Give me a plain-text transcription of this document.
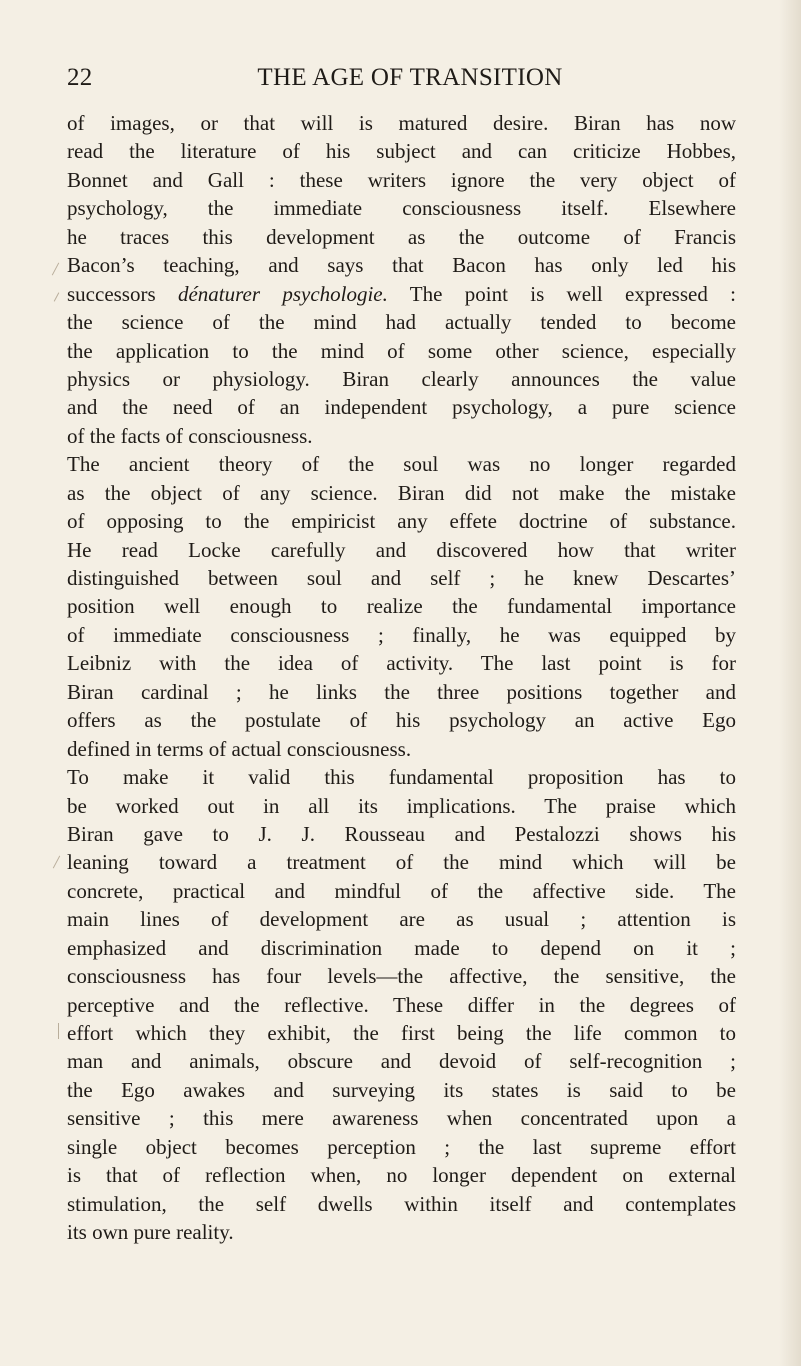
22	THE AGE OF TRANSITION
of images, or that will is matured desire. Biran has now
read the literature of his subject and can criticize Hobbes,
Bonnet and Gall : these writers ignore the very object of
psychology, the immediate consciousness itself. Elsewhere
he traces this development as the outcome of Francis
Bacon’s teaching, and says that Bacon has only led his
successors dénaturer psychologie. The point is well expressed :
the science of the mind had actually tended to become
the application to the mind of some other science, especially
physics or physiology. Biran clearly announces the value
and the need of an independent psychology, a pure science
of the facts of consciousness.
The ancient theory of the soul was no longer regarded
as the object of any science. Biran did not make the mistake
of opposing to the empiricist any effete doctrine of substance.
He read Locke carefully and discovered how that writer
distinguished between soul and self ; he knew Descartes’
position well enough to realize the fundamental importance
of immediate consciousness ; finally, he was equipped by
Leibniz with the idea of activity. The last point is for
Biran cardinal ; he links the three positions together and
offers as the postulate of his psychology an active Ego
defined in terms of actual consciousness.
To make it valid this fundamental proposition has to
be worked out in all its implications. The praise which
Biran gave to J. J. Rousseau and Pestalozzi shows his
leaning toward a treatment of the mind which will be
concrete, practical and mindful of the affective side. The
main lines of development are as usual ; attention is
emphasized and discrimination made to depend on it ;
consciousness has four levels—the affective, the sensitive, the
perceptive and the reflective. These differ in the degrees of
effort which they exhibit, the first being the life common to
man and animals, obscure and devoid of self-recognition ;
the Ego awakes and surveying its states is said to be
sensitive ; this mere awareness when concentrated upon a
single object becomes perception ; the last supreme effort
is that of reflection when, no longer dependent on external
stimulation, the self dwells within itself and contemplates
its own pure reality.
